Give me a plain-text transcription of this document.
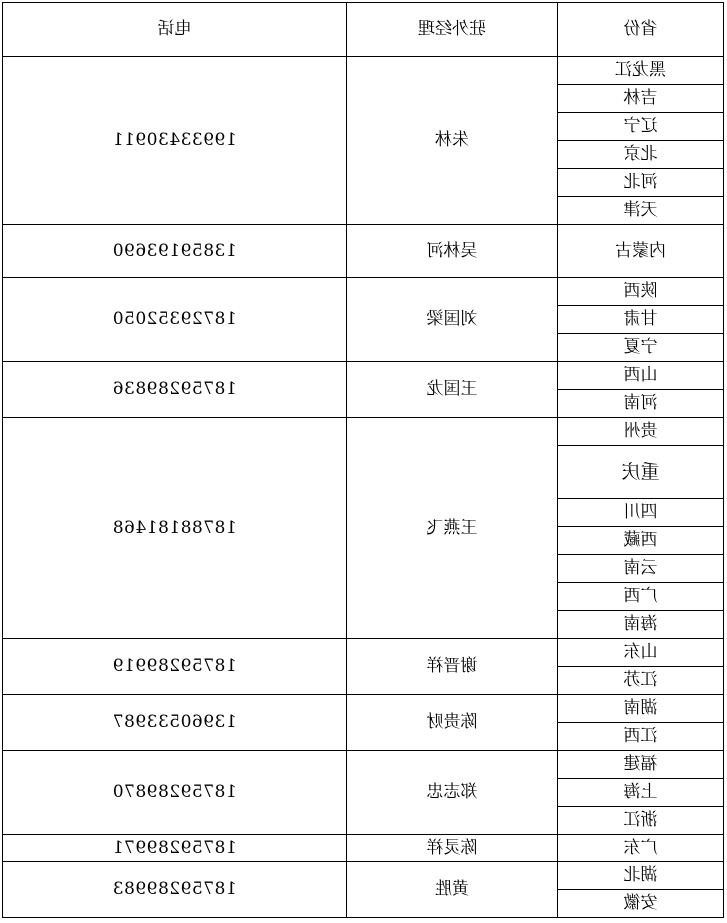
省份	驻外经理	电话
黑龙江	朱林	19933430911
吉林		
辽宁		
北京		
河北		
天津		
内蒙古	吴林河	13859193690
陕西	刘国梁	18729352050
甘肃		
宁夏		
山西	王国龙	18759289836
河南		
贵州	王燕飞	18788181468
重庆		
四川		
西藏		
云南		
广西		
海南		
山东	谢晋祥	18759289919
江苏		
湖南	陈贵财	13960533987
江西		
福建	郑志忠	18759289870
上海		
浙江		
广东	陈灵祥	18759289971
湖北	黄胜	18759289983
安徽		
